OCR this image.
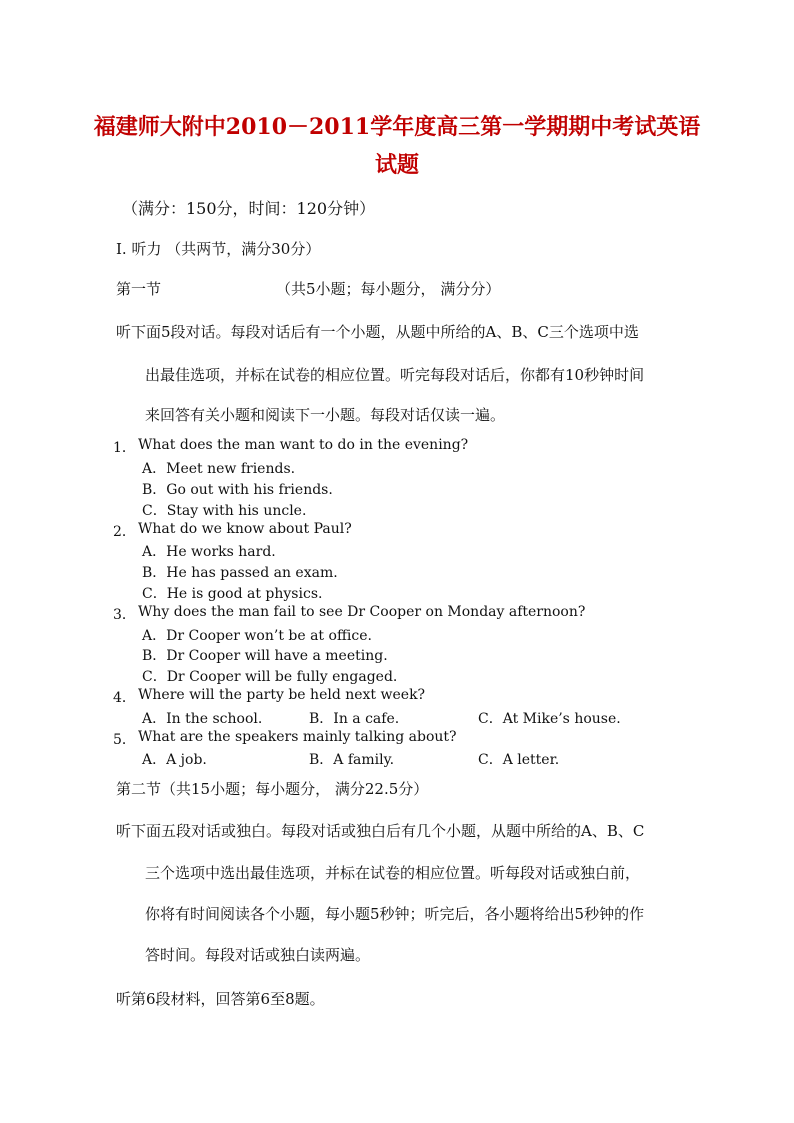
福建师大附中2010－2011学年度高三第一学期期中考试英语
试题
（满分：150分，时间：120分钟）
I. 听力 （共两节，满分30分）
第一节	（共5小题；每小题分， 满分分）
听下面5段对话。每段对话后有一个小题，从题中所给的A、B、C三个选项中选
出最佳选项，并标在试卷的相应位置。听完每段对话后，你都有10秒钟时间
来回答有关小题和阅读下一小题。每段对话仅读一遍。
1． What does the man want to do in the evening?
A．Meet new friends.
B．Go out with his friends.
C．Stay with his uncle.
2． What do we know about Paul?
A．He works hard.
B．He has passed an exam.
C．He is good at physics.
3． Why does the man fail to see Dr Cooper on Monday afternoon?
A．Dr Cooper won’t be at office.
B．Dr Cooper will have a meeting.
C．Dr Cooper will be fully engaged.
4． Where will the party be held next week?
A．In the school.	B．In a cafe.	C．At Mike’s house.
5． What are the speakers mainly talking about?
A．A job.	B．A family.	C．A letter.
第二节（共15小题；每小题分， 满分22.5分）
听下面五段对话或独白。每段对话或独白后有几个小题，从题中所给的A、B、C
三个选项中选出最佳选项，并标在试卷的相应位置。听每段对话或独白前，
你将有时间阅读各个小题，每小题5秒钟；听完后，各小题将给出5秒钟的作
答时间。每段对话或独白读两遍。
听第6段材料，回答第6至8题。
